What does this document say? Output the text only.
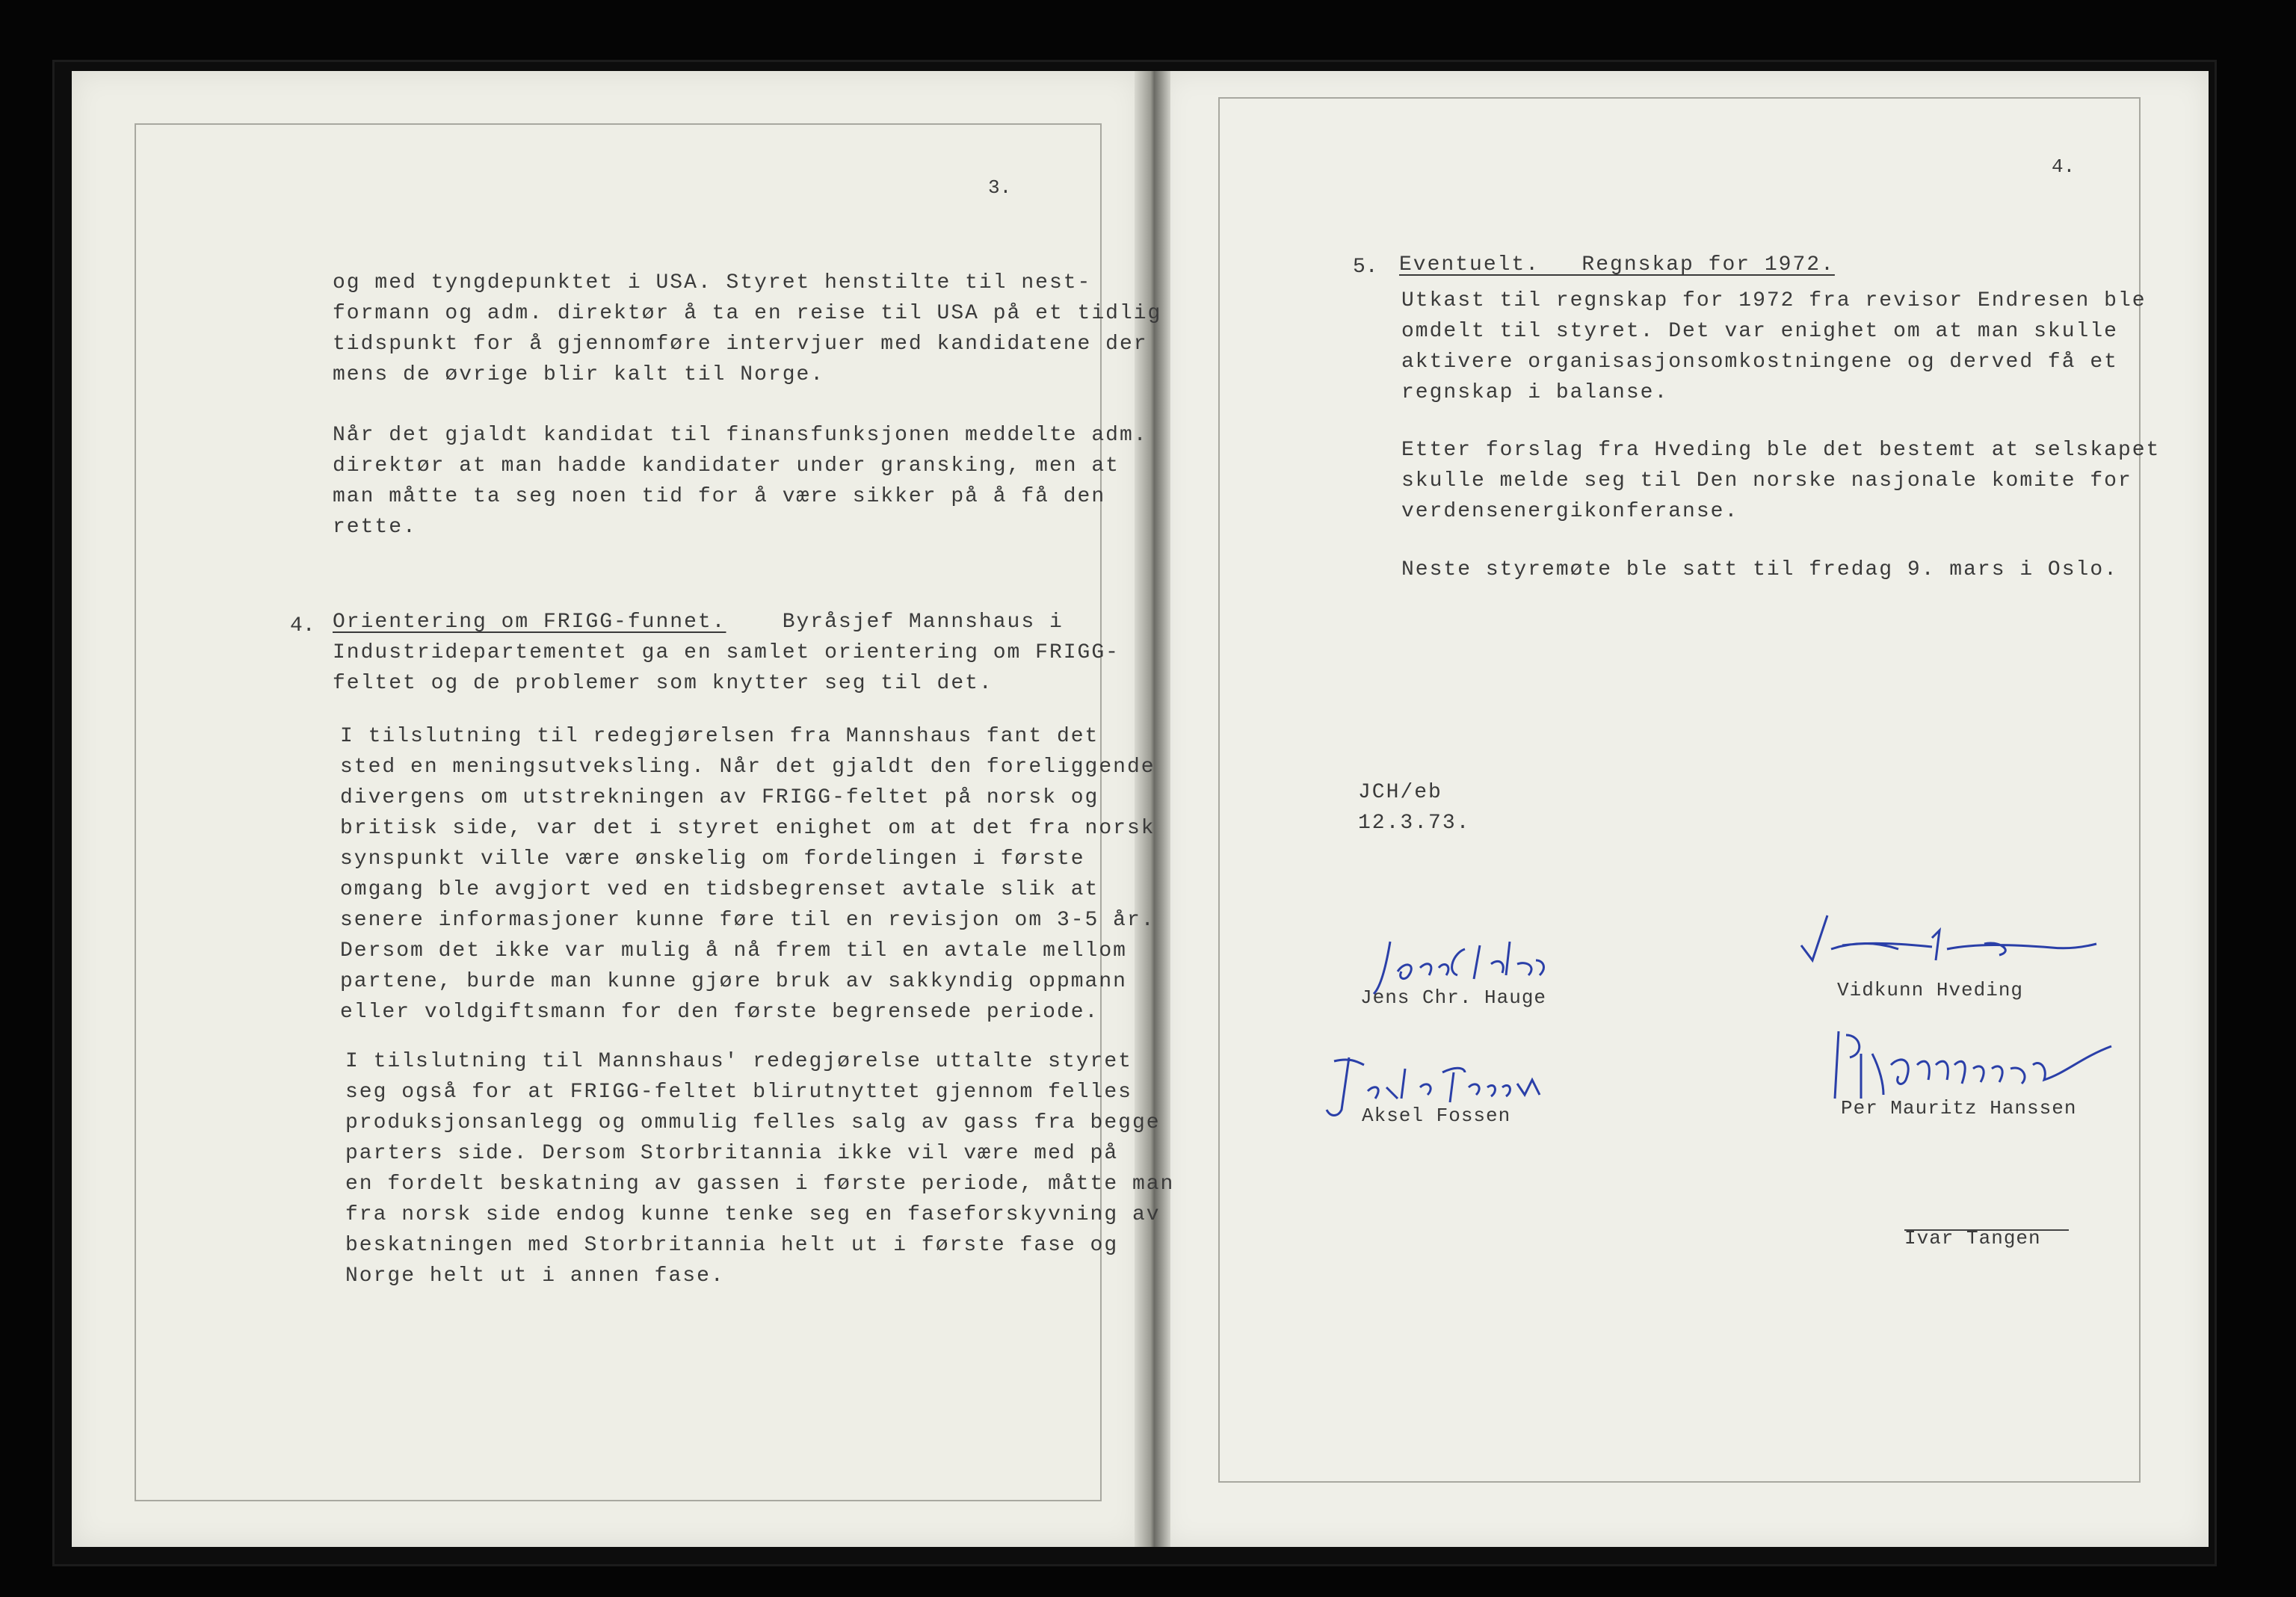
3.
og med tyngdepunktet i USA. Styret henstilte til nest-
formann og adm. direktør å ta en reise til USA på et tidlig
tidspunkt for å gjennomføre intervjuer med kandidatene der
mens de øvrige blir kalt til Norge.
Når det gjaldt kandidat til finansfunksjonen meddelte adm.
direktør at man hadde kandidater under gransking, men at
man måtte ta seg noen tid for å være sikker på å få den
rette.
4. Orientering om FRIGG-funnet.    Byråsjef Mannshaus i
Industridepartementet ga en samlet orientering om FRIGG-
feltet og de problemer som knytter seg til det.
I tilslutning til redegjørelsen fra Mannshaus fant det
sted en meningsutveksling. Når det gjaldt den foreliggende
divergens om utstrekningen av FRIGG-feltet på norsk og
britisk side, var det i styret enighet om at det fra norsk
synspunkt ville være ønskelig om fordelingen i første
omgang ble avgjort ved en tidsbegrenset avtale slik at
senere informasjoner kunne føre til en revisjon om 3-5 år.
Dersom det ikke var mulig å nå frem til en avtale mellom
partene, burde man kunne gjøre bruk av sakkyndig oppmann
eller voldgiftsmann for den første begrensede periode.
I tilslutning til Mannshaus' redegjørelse uttalte styret
seg også for at FRIGG-feltet blirutnyttet gjennom felles
produksjonsanlegg og ommulig felles salg av gass fra begge
parters side. Dersom Storbritannia ikke vil være med på
en fordelt beskatning av gassen i første periode, måtte man
fra norsk side endog kunne tenke seg en faseforskyvning av
beskatningen med Storbritannia helt ut i første fase og
Norge helt ut i annen fase.
4.
5. Eventuelt.   Regnskap for 1972.
Utkast til regnskap for 1972 fra revisor Endresen ble
omdelt til styret. Det var enighet om at man skulle
aktivere organisasjonsomkostningene og derved få et
regnskap i balanse.
Etter forslag fra Hveding ble det bestemt at selskapet
skulle melde seg til Den norske nasjonale komite for
verdensenergikonferanse.
Neste styremøte ble satt til fredag 9. mars i Oslo.
JCH/eb
12.3.73.
Jens Chr. Hauge	Vidkunn Hveding
Aksel Fossen	Per Mauritz Hanssen
Ivar Tangen
